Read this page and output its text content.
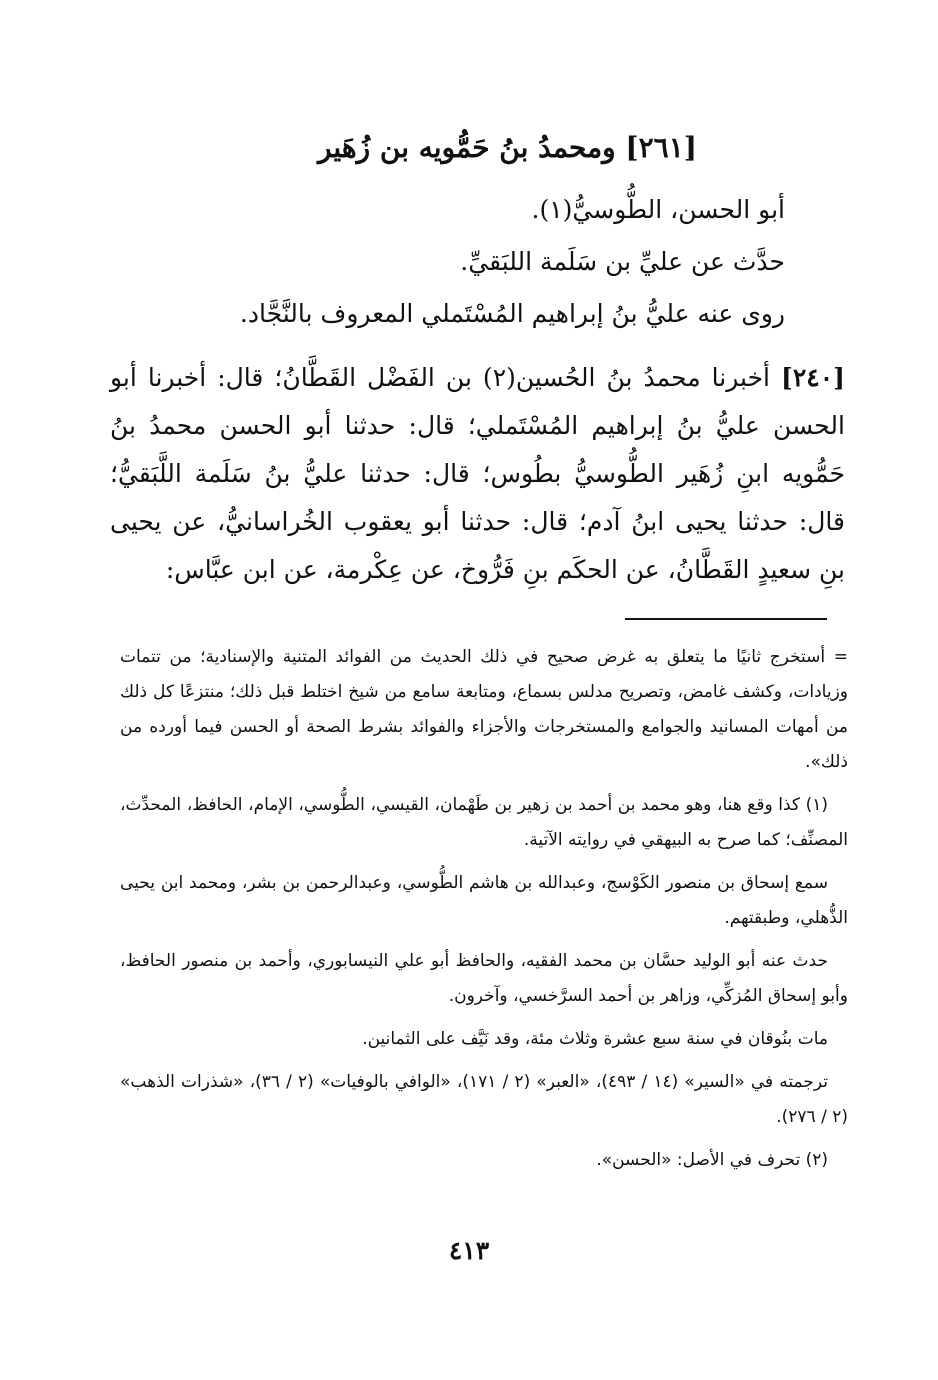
[٢٦١] ومحمدُ بنُ حَمُّويه بن زُهَير

أبو الحسن، الطُّوسيُّ(١).

حدَّث عن عليِّ بن سَلَمة اللبَقيِّ.

روى عنه عليُّ بنُ إبراهيم المُسْتَملي المعروف بالنَّجَّاد.

[٢٤٠] أخبرنا محمدُ بنُ الحُسين(٢) بن الفَضْل القَطَّانُ؛ قال: أخبرنا أبو الحسن عليُّ بنُ إبراهيم المُسْتَملي؛ قال: حدثنا أبو الحسن محمدُ بنُ حَمُّويه ابنِ زُهَير الطُّوسيُّ بطُوس؛ قال: حدثنا عليُّ بنُ سَلَمة اللَّبَقيُّ؛ قال: حدثنا يحيى ابنُ آدم؛ قال: حدثنا أبو يعقوب الخُراسانيُّ، عن يحيى بنِ سعيدٍ القَطَّانُ، عن الحكَم بنِ فَرُّوخ، عن عِكْرمة، عن ابن عبَّاس:

= أستخرج ثانيًا ما يتعلق به غرض صحيح في ذلك الحديث من الفوائد المتنية والإسنادية؛ من تتمات وزيادات، وكشف غامض، وتصريح مدلس بسماع، ومتابعة سامع من شيخ اختلط قبل ذلك؛ منتزعًا كل ذلك من أمهات المسانيد والجوامع والمستخرجات والأجزاء والفوائد بشرط الصحة أو الحسن فيما أورده من ذلك».

(١) كذا وقع هنا، وهو محمد بن أحمد بن زهير بن طَهْمان، القيسي، الطُّوسي، الإمام، الحافظ، المحدِّث، المصنِّف؛ كما صرح به البيهقي في روايته الآتية.

سمع إسحاق بن منصور الكَوْسج، وعبدالله بن هاشم الطُّوسي، وعبدالرحمن بن بشر، ومحمد ابن يحيى الذُّهلي، وطبقتهم.

حدث عنه أبو الوليد حسَّان بن محمد الفقيه، والحافظ أبو علي النيسابوري، وأحمد بن منصور الحافظ، وأبو إسحاق المُزكِّي، وزاهر بن أحمد السرَّخسي، وآخرون.

مات بنُوقان في سنة سبع عشرة وثلاث مئة، وقد نَيَّف على الثمانين.

ترجمته في «السير» (١٤ / ٤٩٣)، «العبر» (٢ / ١٧١)، «الوافي بالوفيات» (٢ / ٣٦)، «شذرات الذهب» (٢ / ٢٧٦).

(٢) تحرف في الأصل: «الحسن».

٤١٣
